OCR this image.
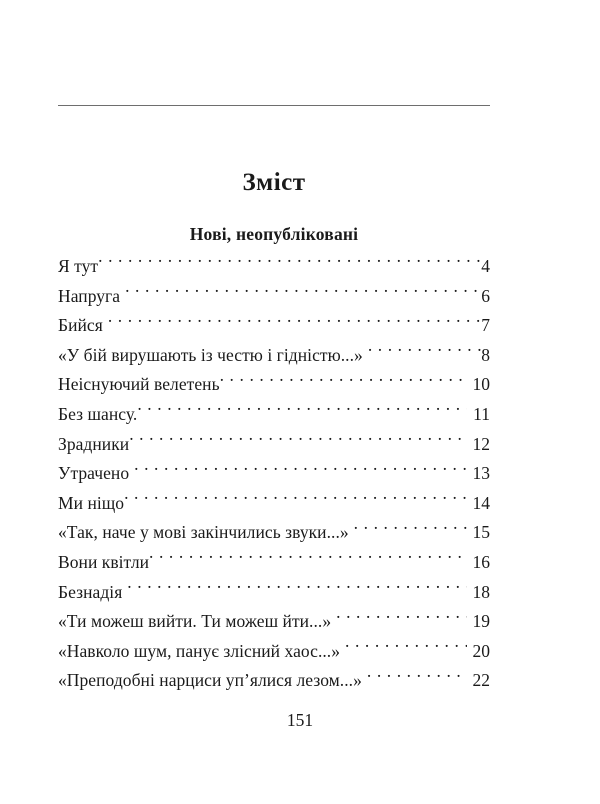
Зміст
Нові, неопубліковані
Я тут . . .	4
Напруга . . .	6
Бийся . . .	7
«У бій вирушають із честю і гідністю...» . . .	8
Неіснуючий велетень . . .	10
Без шансу. . . .	11
Зрадники . . .	12
Утрачено . . .	13
Ми ніщо . . .	14
«Так, наче у мові закінчились звуки...» . . .	15
Вони квітли . . .	16
Безнадія . . .	18
«Ти можеш вийти. Ти можеш йти...» . . .	19
«Навколо шум, панує злісний хаос...» . . .	20
«Преподобні нарциси упʼялися лезом...» . . .	22
151
